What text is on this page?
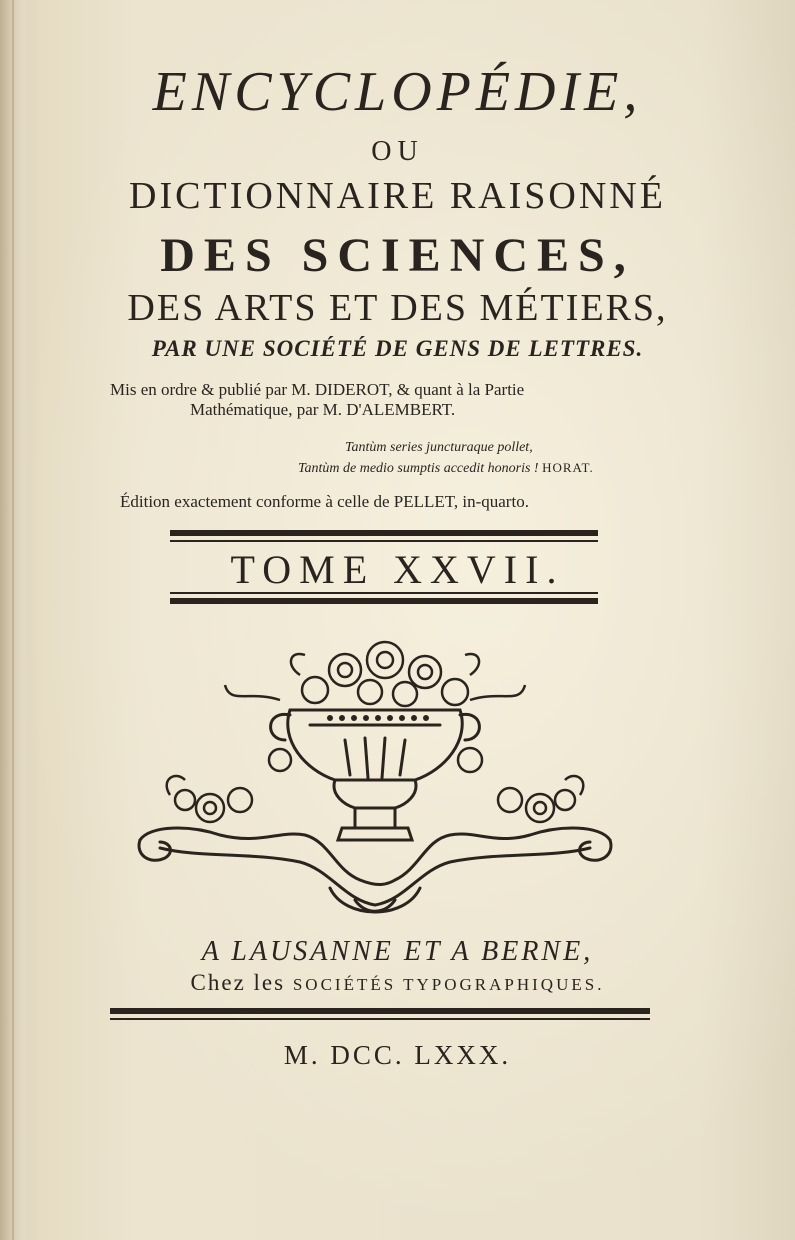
ENCYCLOPÉDIE,
OU
DICTIONNAIRE RAISONNÉ
DES SCIENCES,
DES ARTS ET DES MÉTIERS,
PAR UNE SOCIÉTÉ DE GENS DE LETTRES.
Mis en ordre & publié par M. DIDEROT, & quant à la Partie
Mathématique, par M. D'ALEMBERT.
Tantùm series juncturaque pollet,
Tantùm de medio sumptis accedit honoris ! HORAT.
Édition exactement conforme à celle de PELLET, in-quarto.
TOME XXVII.
A LAUSANNE ET A BERNE,
Chez les SOCIÉTÉS TYPOGRAPHIQUES.
M. DCC. LXXX.
